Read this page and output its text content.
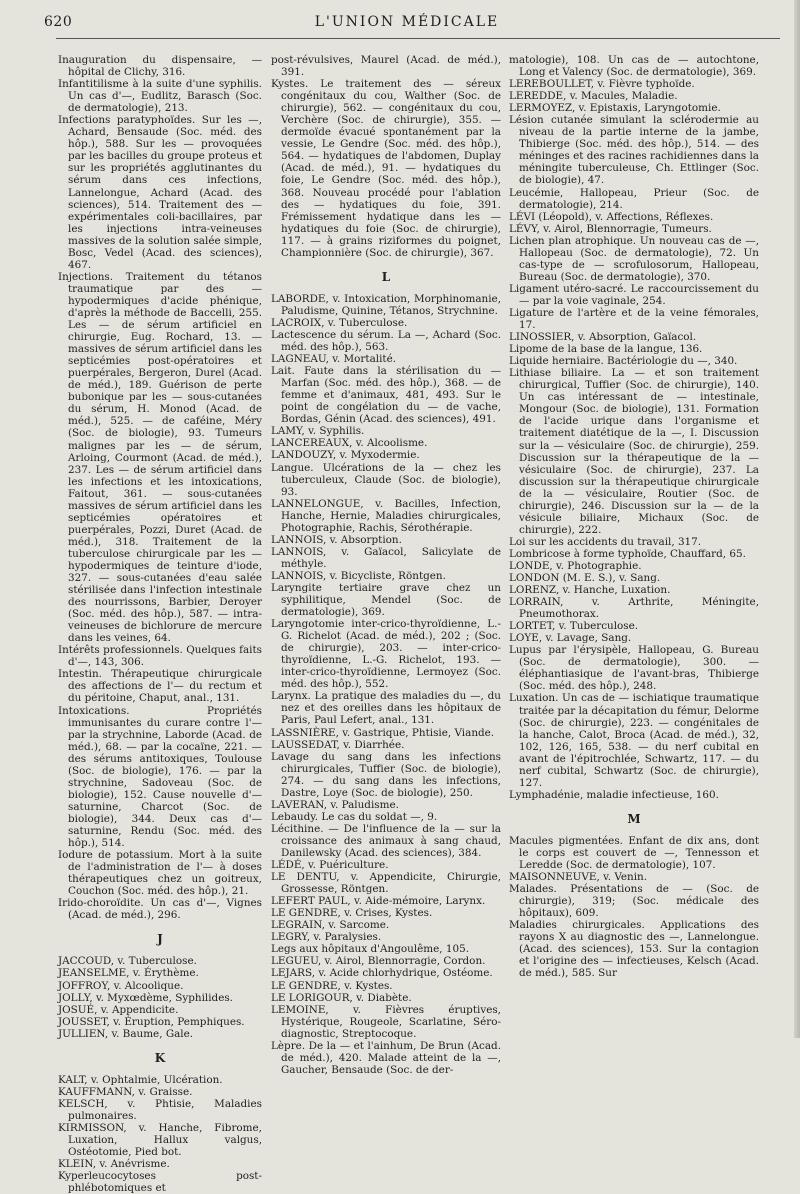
620	L'UNION MÉDICALE

Inauguration du dispensaire, — hôpital de Clichy, 316.

Infantitilisme à la suite d'une syphilis. Un cas d'—, Eudlitz, Barasch (Soc. de dermatologie), 213.

Infections paratyphoïdes. Sur les —, Achard, Bensaude (Soc. méd. des hôp.), 588. Sur les — provoquées par les bacilles du groupe proteus et sur les propriétés agglutinantes du sérum dans ces infections, Lannelongue, Achard (Acad. des sciences), 514. Traitement des — expérimentales coli-bacillaires, par les injections intra-veineuses massives de la solution salée simple, Bosc, Vedel (Acad. des sciences), 467.

Injections. Traitement du tétanos traumatique par des — hypodermiques d'acide phénique, d'après la méthode de Baccelli, 255. Les — de sérum artificiel en chirurgie, Eug. Rochard, 13. — massives de sérum artificiel dans les septicémies post-opératoires et puerpérales, Bergeron, Durel (Acad. de méd.), 189. Guérison de perte bubonique par les — sous-cutanées du sérum, H. Monod (Acad. de méd.), 525. — de caféine, Méry (Soc. de biologie), 93. Tumeurs malignes par les — de sérum, Arloing, Courmont (Acad. de méd.), 237. Les — de sérum artificiel dans les infections et les intoxications, Faitout, 361. — sous-cutanées massives de sérum artificiel dans les septicémies opératoires et puerpérales, Pozzi, Duret (Acad. de méd.), 318. Traitement de la tuberculose chirurgicale par les — hypodermiques de teinture d'iode, 327. — sous-cutanées d'eau salée stérilisée dans l'infection intestinale des nourrissons, Barbier, Deroyer (Soc. méd. des hôp.), 587. — intra-veineuses de bichlorure de mercure dans les veines, 64.

Intérêts professionnels. Quelques faits d'—, 143, 306.

Intestin. Thérapeutique chirurgicale des affections de l'— du rectum et du péritoine, Chaput, anal., 131.

Intoxications. Propriétés immunisantes du curare contre l'— par la strychnine, Laborde (Acad. de méd.), 68. — par la cocaïne, 221. — des sérums antitoxiques, Toulouse (Soc. de biologie), 176. — par la strychnine, Sadoveau (Soc. de biologie), 152. Cause nouvelle d'— saturnine, Charcot (Soc. de biologie), 344. Deux cas d'— saturnine, Rendu (Soc. méd. des hôp.), 514.

Iodure de potassium. Mort à la suite de l'administration de l'— à doses thérapeutiques chez un goitreux, Couchon (Soc. méd. des hôp.), 21.

Irido-choroïdite. Un cas d'—, Vignes (Acad. de méd.), 296.

J

JACCOUD, v. Tuberculose.

JEANSELME, v. Érythème.

JOFFROY, v. Alcoolique.

JOLLY, v. Myxœdème, Syphilides.

JOSUÉ, v. Appendicite.

JOUSSET, v. Éruption, Pemphiques.

JULLIEN, v. Baume, Gale.

K

KALT, v. Ophtalmie, Ulcération.

KAUFFMANN, v. Graisse.

KELSCH, v. Phtisie, Maladies pulmonaires.

KIRMISSON, v. Hanche, Fibrome, Luxation, Hallux valgus, Ostéotomie, Pied bot.

KLEIN, v. Anévrisme.

Kyperleucocytoses post-phlébotomiques et

post-révulsives, Maurel (Acad. de méd.), 391.

Kystes. Le traitement des — séreux congénitaux du cou, Walther (Soc. de chirurgie), 562. — congénitaux du cou, Verchère (Soc. de chirurgie), 355. — dermoïde évacué spontanément par la vessie, Le Gendre (Soc. méd. des hôp.), 564. — hydatiques de l'abdomen, Duplay (Acad. de méd.), 91. — hydatiques du foie, Le Gendre (Soc. méd. des hôp.), 368. Nouveau procédé pour l'ablation des — hydatiques du foie, 391. Frémissement hydatique dans les — hydatiques du foie (Soc. de chirurgie), 117. — à grains riziformes du poignet, Championnière (Soc. de chirurgie), 367.

L

LABORDE, v. Intoxication, Morphinomanie, Paludisme, Quinine, Tétanos, Strychnine.

LACROIX, v. Tuberculose.

Lactescence du sérum. La —, Achard (Soc. méd. des hôp.), 563.

LAGNEAU, v. Mortalité.

Lait. Faute dans la stérilisation du — Marfan (Soc. méd. des hôp.), 368. — de femme et d'animaux, 481, 493. Sur le point de congélation du — de vache, Bordas, Génin (Acad. des sciences), 491.

LAMY, v. Syphilis.

LANCEREAUX, v. Alcoolisme.

LANDOUZY, v. Myxodermie.

Langue. Ulcérations de la — chez les tuberculeux, Claude (Soc. de biologie), 93.

LANNELONGUE, v. Bacilles, Infection, Hanche, Hernie, Maladies chirurgicales, Photographie, Rachis, Sérothérapie.

LANNOIS, v. Absorption.

LANNOIS, v. Gaïacol, Salicylate de méthyle.

LANNOIS, v. Bicycliste, Röntgen.

Laryngite tertiaire grave chez un syphilitique, Mendel (Soc. de dermatologie), 369.

Laryngotomie inter-crico-thyroïdienne, L.-G. Richelot (Acad. de méd.), 202 ; (Soc. de chirurgie), 203. — inter-crico-thyroïdienne, L.-G. Richelot, 193. — inter-crico-thyroïdienne, Lermoyez (Soc. méd. des hôp.), 552.

Larynx. La pratique des maladies du —, du nez et des oreilles dans les hôpitaux de Paris, Paul Lefert, anal., 131.

LASSNIÈRE, v. Gastrique, Phtisie, Viande.

LAUSSEDAT, v. Diarrhée.

Lavage du sang dans les infections chirurgicales, Tuffier (Soc. de biologie), 274. — du sang dans les infections, Dastre, Loye (Soc. de biologie), 250.

LAVERAN, v. Paludisme.

Lebaudy. Le cas du soldat —, 9.

Lécithine. — De l'influence de la — sur la croissance des animaux à sang chaud, Danilewsky (Acad. des sciences), 384.

LÉDÉ, v. Puériculture.

LE DENTU, v. Appendicite, Chirurgie, Grossesse, Röntgen.

LEFERT PAUL, v. Aide-mémoire, Larynx.

LE GENDRE, v. Crises, Kystes.

LEGRAIN, v. Sarcome.

LEGRY, v. Paralysies.

Legs aux hôpitaux d'Angoulême, 105.

LEGUEU, v. Airol, Blennorragie, Cordon.

LEJARS, v. Acide chlorhydrique, Ostéome.

LE GENDRE, v. Kystes.

LE LORIGOUR, v. Diabète.

LEMOINE, v. Fièvres éruptives, Hystérique, Rougeole, Scarlatine, Séro-diagnostic, Streptocoque.

Lèpre. De la — et l'ainhum, De Brun (Acad. de méd.), 420. Malade atteint de la —, Gaucher, Bensaude (Soc. de der-

matologie), 108. Un cas de — autochtone, Long et Valency (Soc. de dermatologie), 369.

LEREBOULLET, v. Fièvre typhoïde.

LEREDDE, v. Macules, Maladie.

LERMOYEZ, v. Epistaxis, Laryngotomie.

Lésion cutanée simulant la sclérodermie au niveau de la partie interne de la jambe, Thibierge (Soc. méd. des hôp.), 514. — des méninges et des racines rachidiennes dans la méningite tuberculeuse, Ch. Ettlinger (Soc. de biologie), 47.

Leucémie, Hallopeau, Prieur (Soc. de dermatologie), 214.

LÉVI (Léopold), v. Affections, Réflexes.

LÉVY, v. Airol, Blennorragie, Tumeurs.

Lichen plan atrophique. Un nouveau cas de —, Hallopeau (Soc. de dermatologie), 72. Un cas-type de — scrofulosorum, Hallopeau, Bureau (Soc. de dermatologie), 370.

Ligament utéro-sacré. Le raccourcissement du — par la voie vaginale, 254.

Ligature de l'artère et de la veine fémorales, 17.

LINOSSIER, v. Absorption, Gaïacol.

Lipome de la base de la langue, 136.

Liquide herniaire. Bactériologie du —, 340.

Lithiase biliaire. La — et son traitement chirurgical, Tuffier (Soc. de chirurgie), 140. Un cas intéressant de — intestinale, Mongour (Soc. de biologie), 131. Formation de l'acide urique dans l'organisme et traitement diatétique de la —, I. Discussion sur la — vésiculaire (Soc. de chirurgie), 259. Discussion sur la thérapeutique de la — vésiculaire (Soc. de chirurgie), 237. La discussion sur la thérapeutique chirurgicale de la — vésiculaire, Routier (Soc. de chirurgie), 246. Discussion sur la — de la vésicule biliaire, Michaux (Soc. de chirurgie), 222.

Loi sur les accidents du travail, 317.

Lombricose à forme typhoïde, Chauffard, 65.

LONDE, v. Photographie.

LONDON (M. E. S.), v. Sang.

LORENZ, v. Hanche, Luxation.

LORRAIN, v. Arthrite, Méningite, Pneumothorax.

LORTET, v. Tuberculose.

LOYE, v. Lavage, Sang.

Lupus par l'érysipèle, Hallopeau, G. Bureau (Soc. de dermatologie), 300. — éléphantiasique de l'avant-bras, Thibierge (Soc. méd. des hôp.), 248.

Luxation. Un cas de — ischiatique traumatique traitée par la décapitation du fémur, Delorme (Soc. de chirurgie), 223. — congénitales de la hanche, Calot, Broca (Acad. de méd.), 32, 102, 126, 165, 538. — du nerf cubital en avant de l'épitrochlée, Schwartz, 117. — du nerf cubital, Schwartz (Soc. de chirurgie), 127.

Lymphadénie, maladie infectieuse, 160.

M

Macules pigmentées. Enfant de dix ans, dont le corps est couvert de —, Tennesson et Leredde (Soc. de dermatologie), 107.

MAISONNEUVE, v. Venin.

Malades. Présentations de — (Soc. de chirurgie), 319; (Soc. médicale des hôpitaux), 609.

Maladies chirurgicales. Applications des rayons X au diagnostic des —, Lannelongue. (Acad. des sciences), 153. Sur la contagion et l'origine des — infectieuses, Kelsch (Acad. de méd.), 585. Sur
